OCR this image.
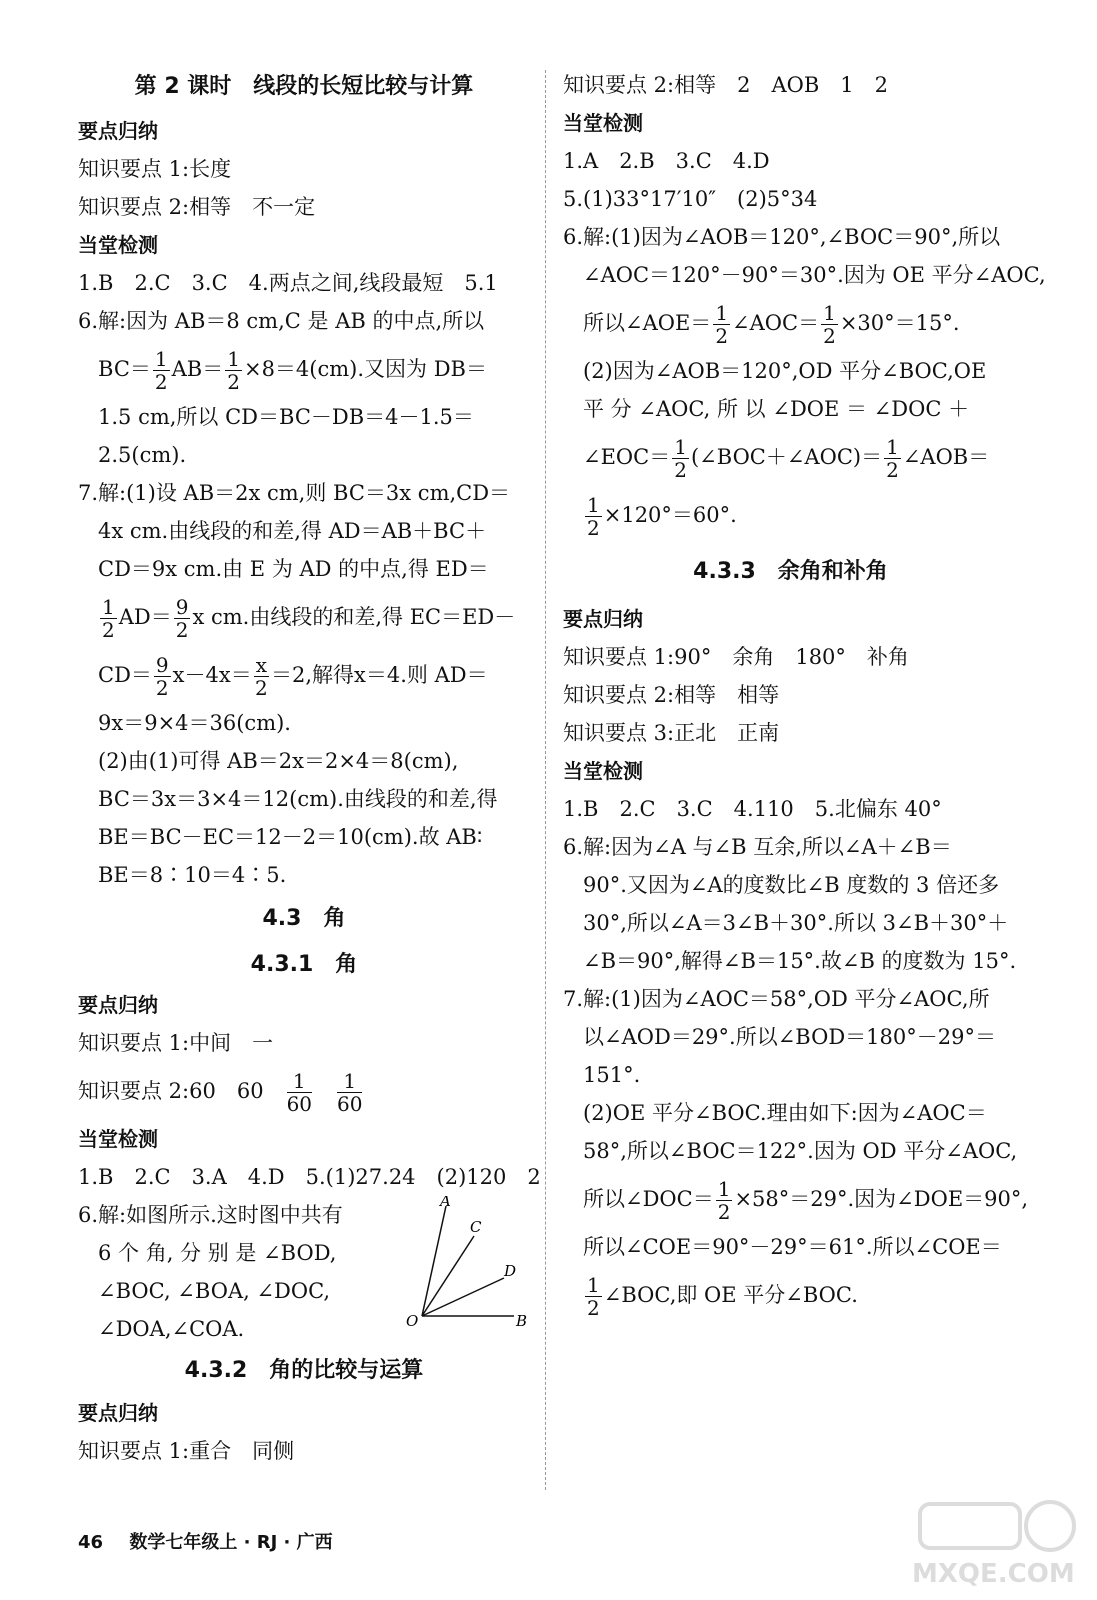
第 2 课时　线段的长短比较与计算
要点归纳
知识要点 1:长度
知识要点 2:相等　不一定
当堂检测
1.B　2.C　3.C　4.两点之间,线段最短　5.1
6.解:因为 AB＝8 cm,C 是 AB 的中点,所以
$BC= \frac{1}{2} AB= \frac{1}{2} \times 8=4(cm)$.又因为 DB＝
1.5 cm,所以 CD＝BC－DB＝4－1.5＝
2.5(cm).
7.解:(1)设 AB＝2x cm,则 BC＝3x cm,CD＝
4x cm.由线段的和差,得 AD＝AB＋BC＋
CD＝9x cm.由 E 为 AD 的中点,得 ED＝
$\frac{1}{2} AD= \frac{9}{2}$ x cm.由线段的和差,得 EC＝ED－
$CD= \frac{9}{2} x-4x= \frac{x}{2} =2$,解得x＝4.则 AD＝
9x＝9×4＝36(cm).
(2)由(1)可得 AB＝2x＝2×4＝8(cm),
BC＝3x＝3×4＝12(cm).由线段的和差,得
BE＝BC－EC＝12－2＝10(cm).故 AB∶
BE＝8∶10＝4∶5.
4.3　角
4.3.1　角
要点归纳
知识要点 1:中间　一
知识要点 2:60　60　 $\frac{1}{60}$
　 $\frac{1}{60}$
当堂检测
1.B　2.C　3.A　4.D　5.(1)27.24　(2)120　2
6.解:如图所示.这时图中共有
6 个 角, 分 别 是 ∠BOD,
∠BOC, ∠BOA, ∠DOC,
∠DOA,∠COA.
A
C
D
O	B
4.3.2　角的比较与运算
要点归纳
知识要点 1:重合　同侧
知识要点 2:相等　2　AOB　1　2
当堂检测
1.A　2.B　3.C　4.D
5.(1)33°17′10″　(2)5°34
6.解:(1)因为∠AOB＝120°,∠BOC＝90°,所以
∠AOC＝120°－90°＝30°.因为 OE 平分∠AOC,
所以∠AOE＝ $\frac{1}{2}$ ∠AOC＝ $\frac{1}{2} \times 30^\circ=15^\circ$.
(2)因为∠AOB＝120°,OD 平分∠BOC,OE
平 分 ∠AOC, 所 以 ∠DOE ＝ ∠DOC ＋
∠EOC＝ $\frac{1}{2}$ (∠BOC＋∠AOC)＝ $\frac{1}{2}$ ∠AOB＝
$\frac{1}{2} \times 120^\circ=60^\circ$.
4.3.3　余角和补角
要点归纳
知识要点 1:90°　余角　180°　补角
知识要点 2:相等　相等
知识要点 3:正北　正南
当堂检测
1.B　2.C　3.C　4.110　5.北偏东 40°
6.解:因为∠A 与∠B 互余,所以∠A＋∠B＝
90°.又因为∠A的度数比∠B 度数的 3 倍还多
30°,所以∠A＝3∠B＋30°.所以 3∠B＋30°＋
∠B＝90°,解得∠B＝15°.故∠B 的度数为 15°.
7.解:(1)因为∠AOC＝58°,OD 平分∠AOC,所
以∠AOD＝29°.所以∠BOD＝180°－29°＝
151°.
(2)OE 平分∠BOC.理由如下:因为∠AOC＝
58°,所以∠BOC＝122°.因为 OD 平分∠AOC,
所以∠DOC＝ $\frac{1}{2} \times 58^\circ=29^\circ$.因为∠DOE＝90°,
所以∠COE＝90°－29°＝61°.所以∠COE＝
$\frac{1}{2}$ ∠BOC,即 OE 平分∠BOC.
46 数学七年级上 · RJ · 广西
MXQE.COM
